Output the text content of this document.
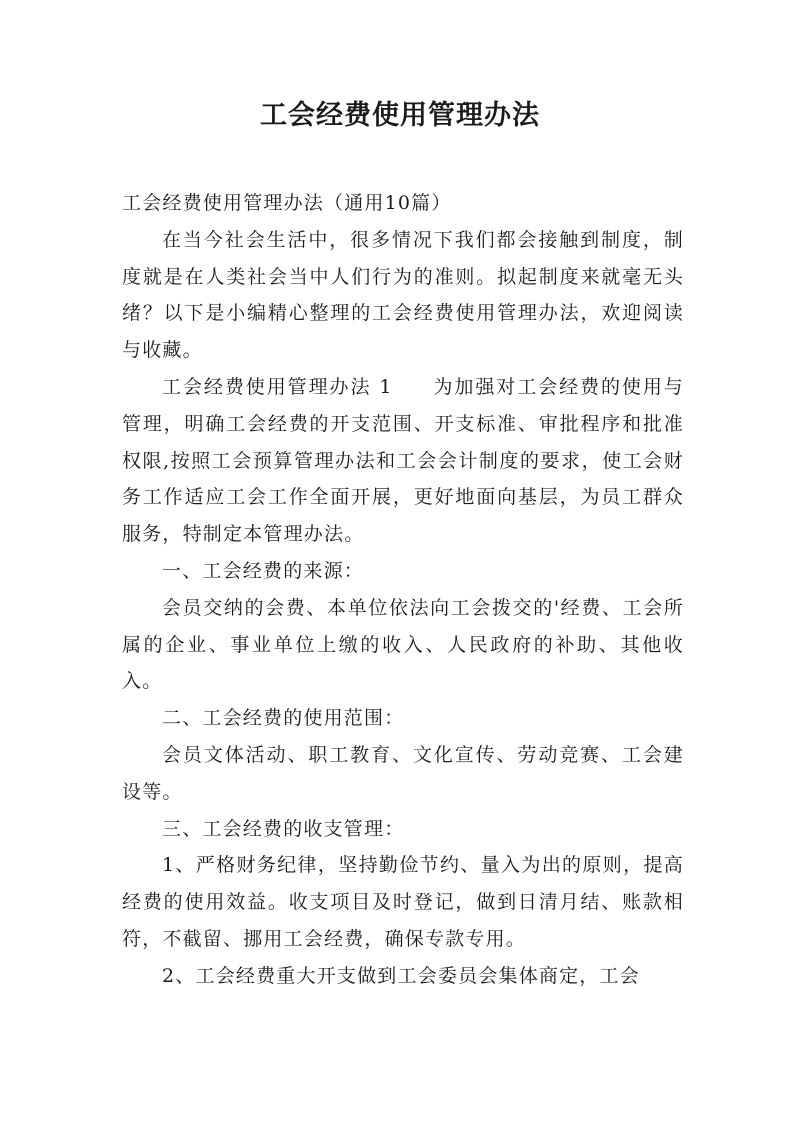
工会经费使用管理办法

工会经费使用管理办法（通用10篇）

在当今社会生活中，很多情况下我们都会接触到制度，制度就是在人类社会当中人们行为的准则。拟起制度来就毫无头绪？以下是小编精心整理的工会经费使用管理办法，欢迎阅读与收藏。

工会经费使用管理办法 1 为加强对工会经费的使用与管理，明确工会经费的开支范围、开支标准、审批程序和批准权限,按照工会预算管理办法和工会会计制度的要求，使工会财务工作适应工会工作全面开展，更好地面向基层，为员工群众服务，特制定本管理办法。

一、工会经费的来源：

会员交纳的会费、本单位依法向工会拨交的'经费、工会所属的企业、事业单位上缴的收入、人民政府的补助、其他收入。

二、工会经费的使用范围：

会员文体活动、职工教育、文化宣传、劳动竞赛、工会建设等。

三、工会经费的收支管理：

1、严格财务纪律，坚持勤俭节约、量入为出的原则，提高经费的使用效益。收支项目及时登记，做到日清月结、账款相符，不截留、挪用工会经费，确保专款专用。

2、工会经费重大开支做到工会委员会集体商定，工会
